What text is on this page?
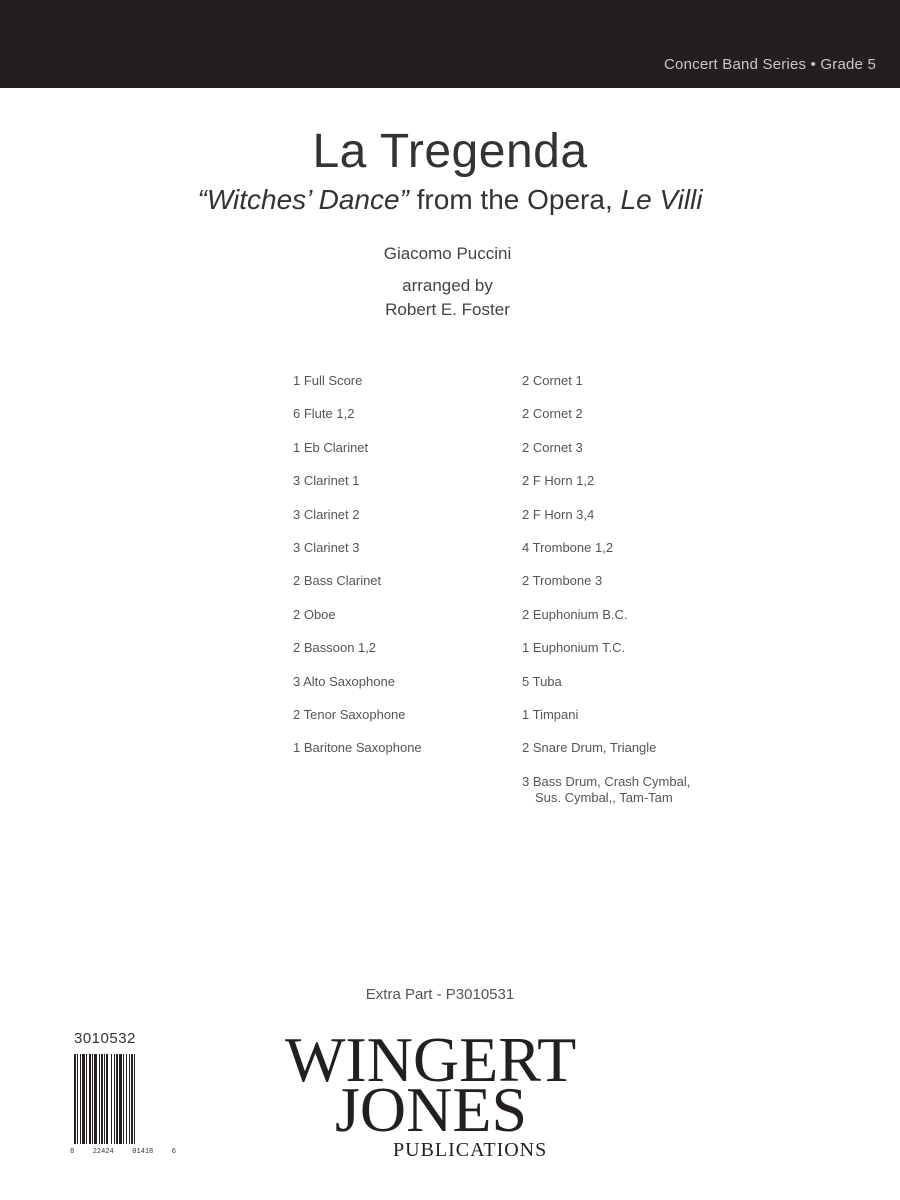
Concert Band Series • Grade 5
La Tregenda
“Witches’ Dance” from the Opera, Le Villi
Giacomo Puccini
arranged by
Robert E. Foster
1 Full Score
6 Flute 1,2
1 Eb Clarinet
3 Clarinet 1
3 Clarinet 2
3 Clarinet 3
2 Bass Clarinet
2 Oboe
2 Bassoon 1,2
3 Alto Saxophone
2 Tenor Saxophone
1 Baritone Saxophone
2 Cornet 1
2 Cornet 2
2 Cornet 3
2 F Horn 1,2
2 F Horn 3,4
4 Trombone 1,2
2 Trombone 3
2 Euphonium B.C.
1 Euphonium T.C.
5 Tuba
1 Timpani
2 Snare Drum, Triangle
3 Bass Drum, Crash Cymbal,
Sus. Cymbal,, Tam-Tam
Extra Part - P3010531
3010532
8	22424	01418	6
WINGERT
JONES
PUBLICATIONS
